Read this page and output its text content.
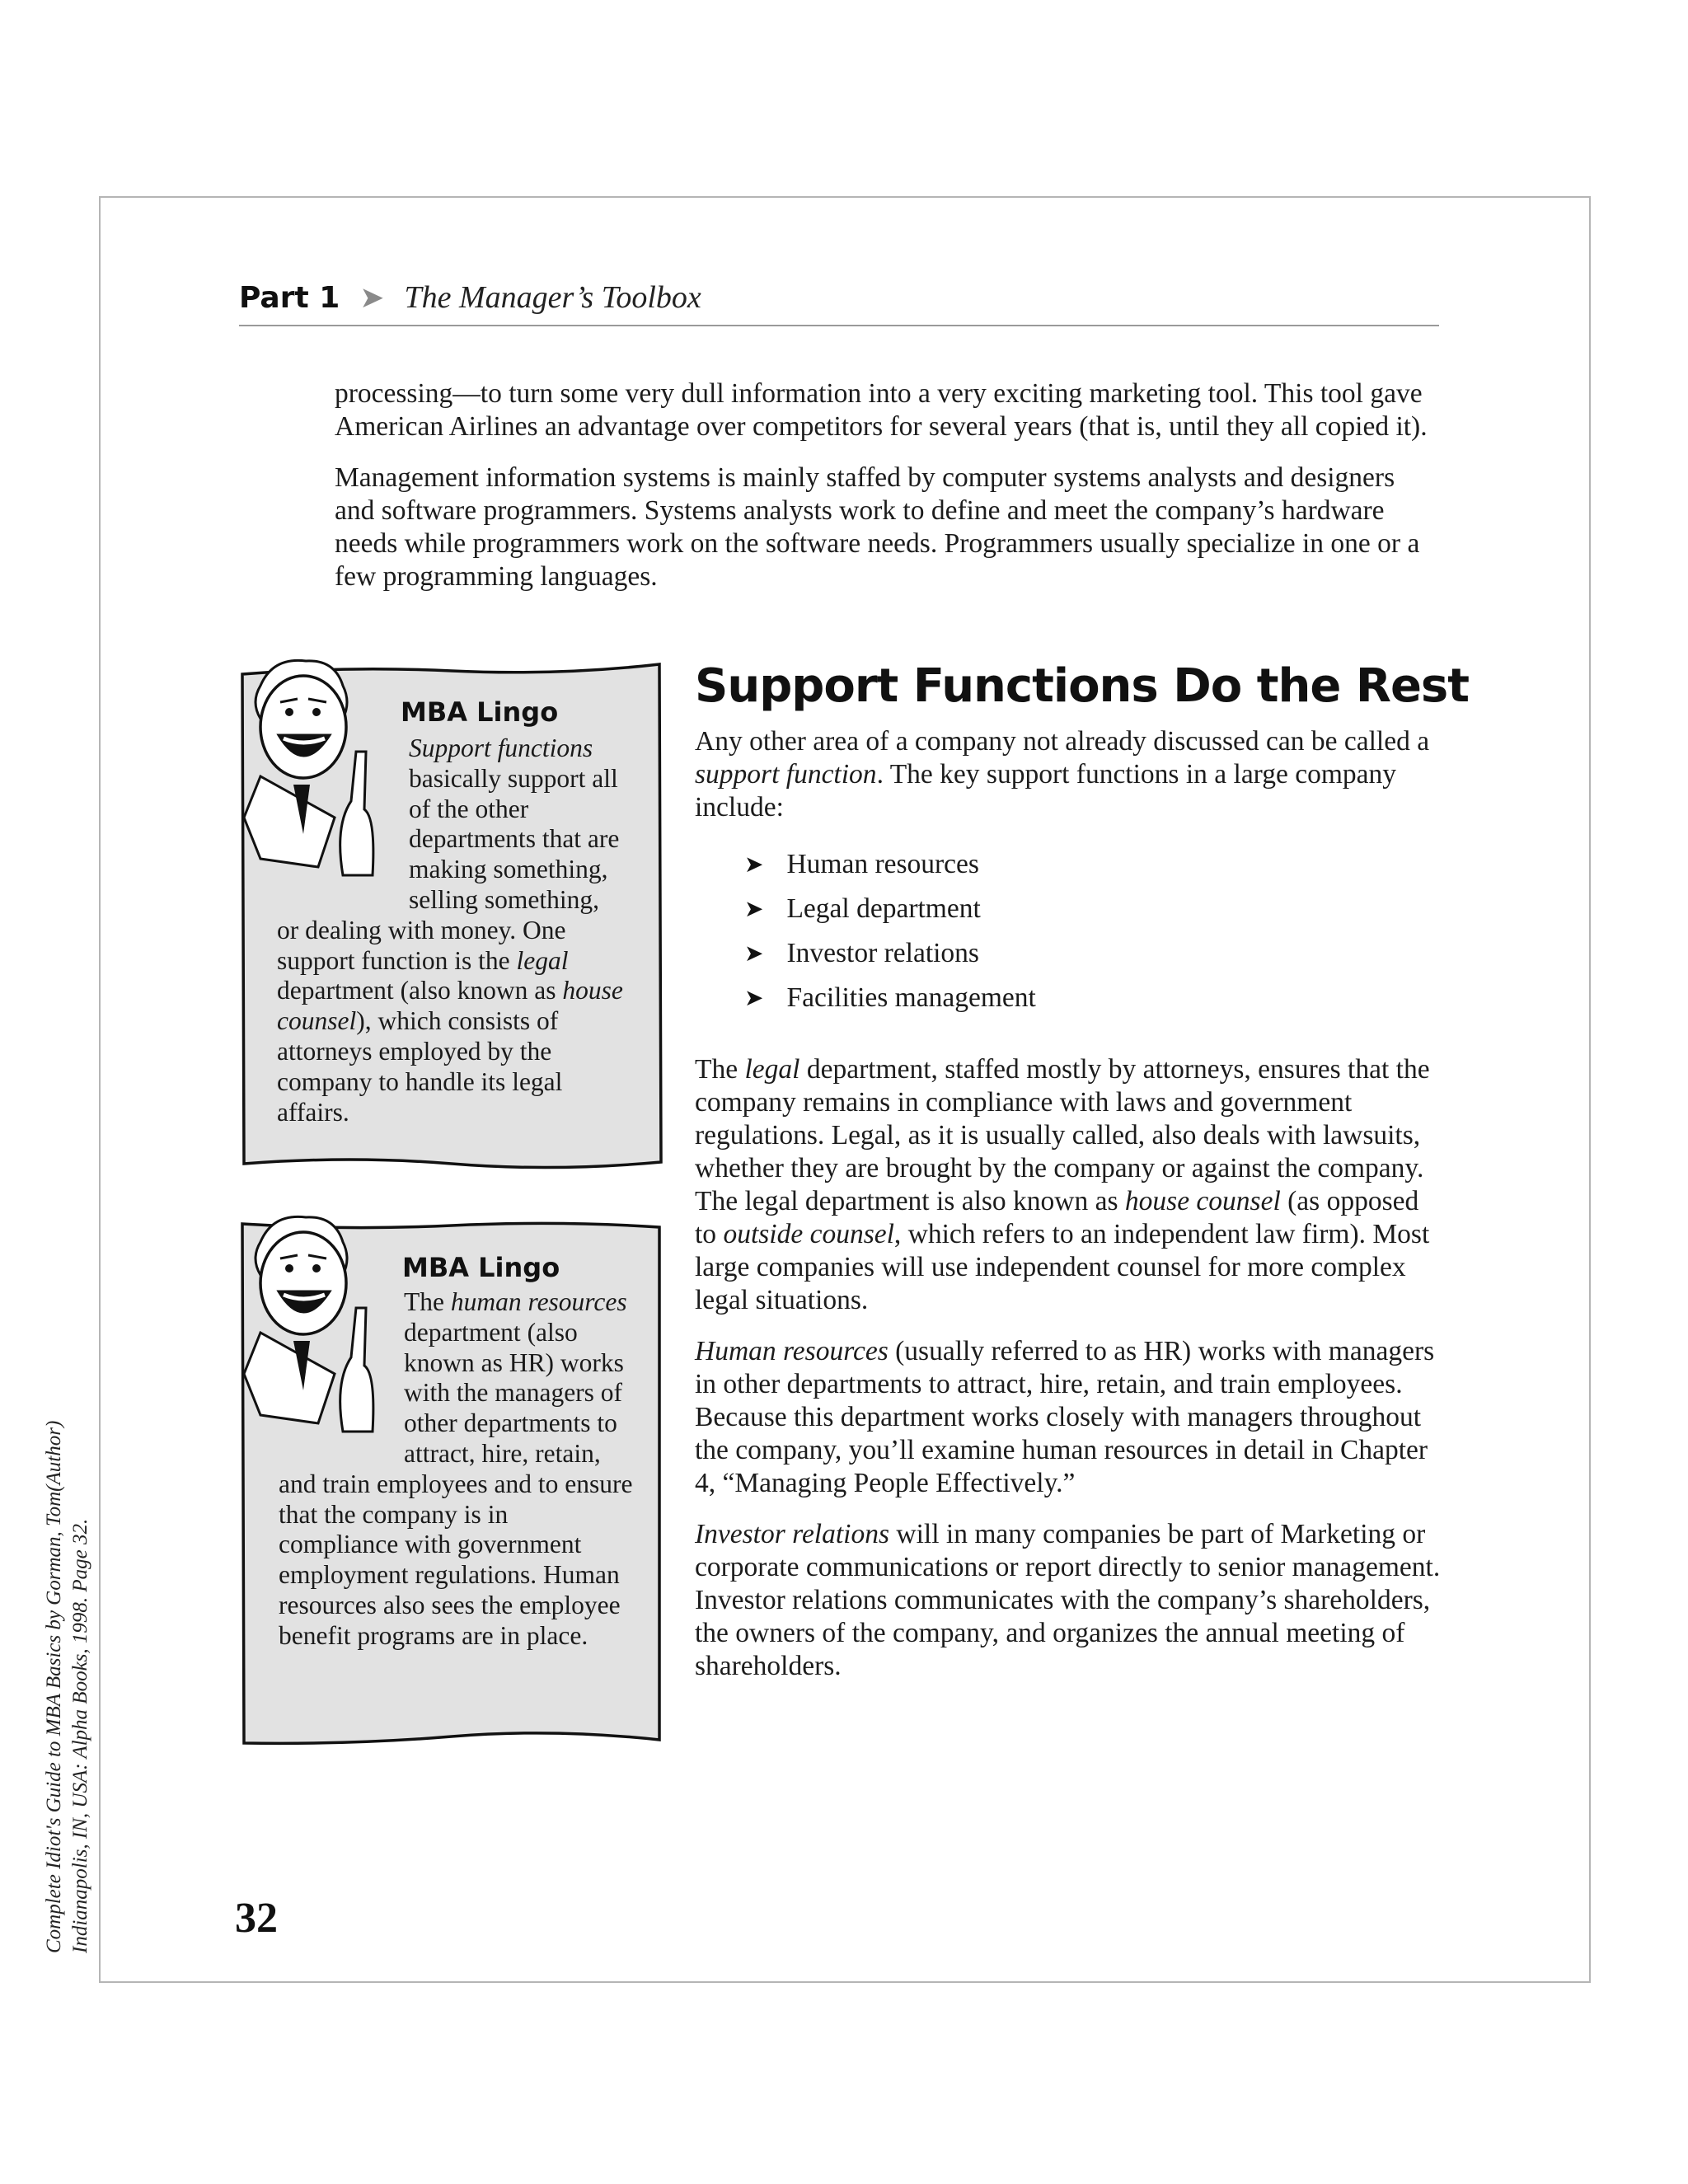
Part 1 ➤ The Manager’s Toolbox

processing—to turn some very dull information into a very exciting marketing tool. This tool gave American Airlines an advantage over competitors for several years (that is, until they all copied it).

Management information systems is mainly staffed by computer systems analysts and designers and software programmers. Systems analysts work to define and meet the company’s hardware needs while programmers work on the software needs. Programmers usually specialize in one or a few programming languages.

Support Functions Do the Rest

Any other area of a company not already discussed can be called a support function. The key support functions in a large company include:

➤ Human resources
➤ Legal department
➤ Investor relations
➤ Facilities management

The legal department, staffed mostly by attorneys, ensures that the company remains in compliance with laws and government regulations. Legal, as it is usually called, also deals with lawsuits, whether they are brought by the company or against the company. The legal department is also known as house counsel (as opposed to outside counsel, which refers to an independent law firm). Most large companies will use independent counsel for more complex legal situations.

Human resources (usually referred to as HR) works with managers in other departments to attract, hire, retain, and train employees. Because this department works closely with managers throughout the company, you’ll examine human resources in detail in Chapter 4, “Managing People Effectively.”

Investor relations will in many companies be part of Marketing or corporate communications or report directly to senior management. Investor relations communicates with the company’s shareholders, the owners of the company, and organizes the annual meeting of shareholders.

MBA Lingo
Support functions basically support all of the other departments that are making something, selling something, or dealing with money. One support function is the legal department (also known as house counsel), which consists of attorneys employed by the company to handle its legal affairs.
MBA Lingo
The human resources department (also known as HR) works with the managers of other departments to attract, hire, retain, and train employees and to ensure that the company is in compliance with government employment regulations. Human resources also sees the employee benefit programs are in place.
32
Complete Idiot's Guide to MBA Basics by Gorman, Tom(Author) Indianapolis, IN, USA: Alpha Books, 1998. Page 32.
